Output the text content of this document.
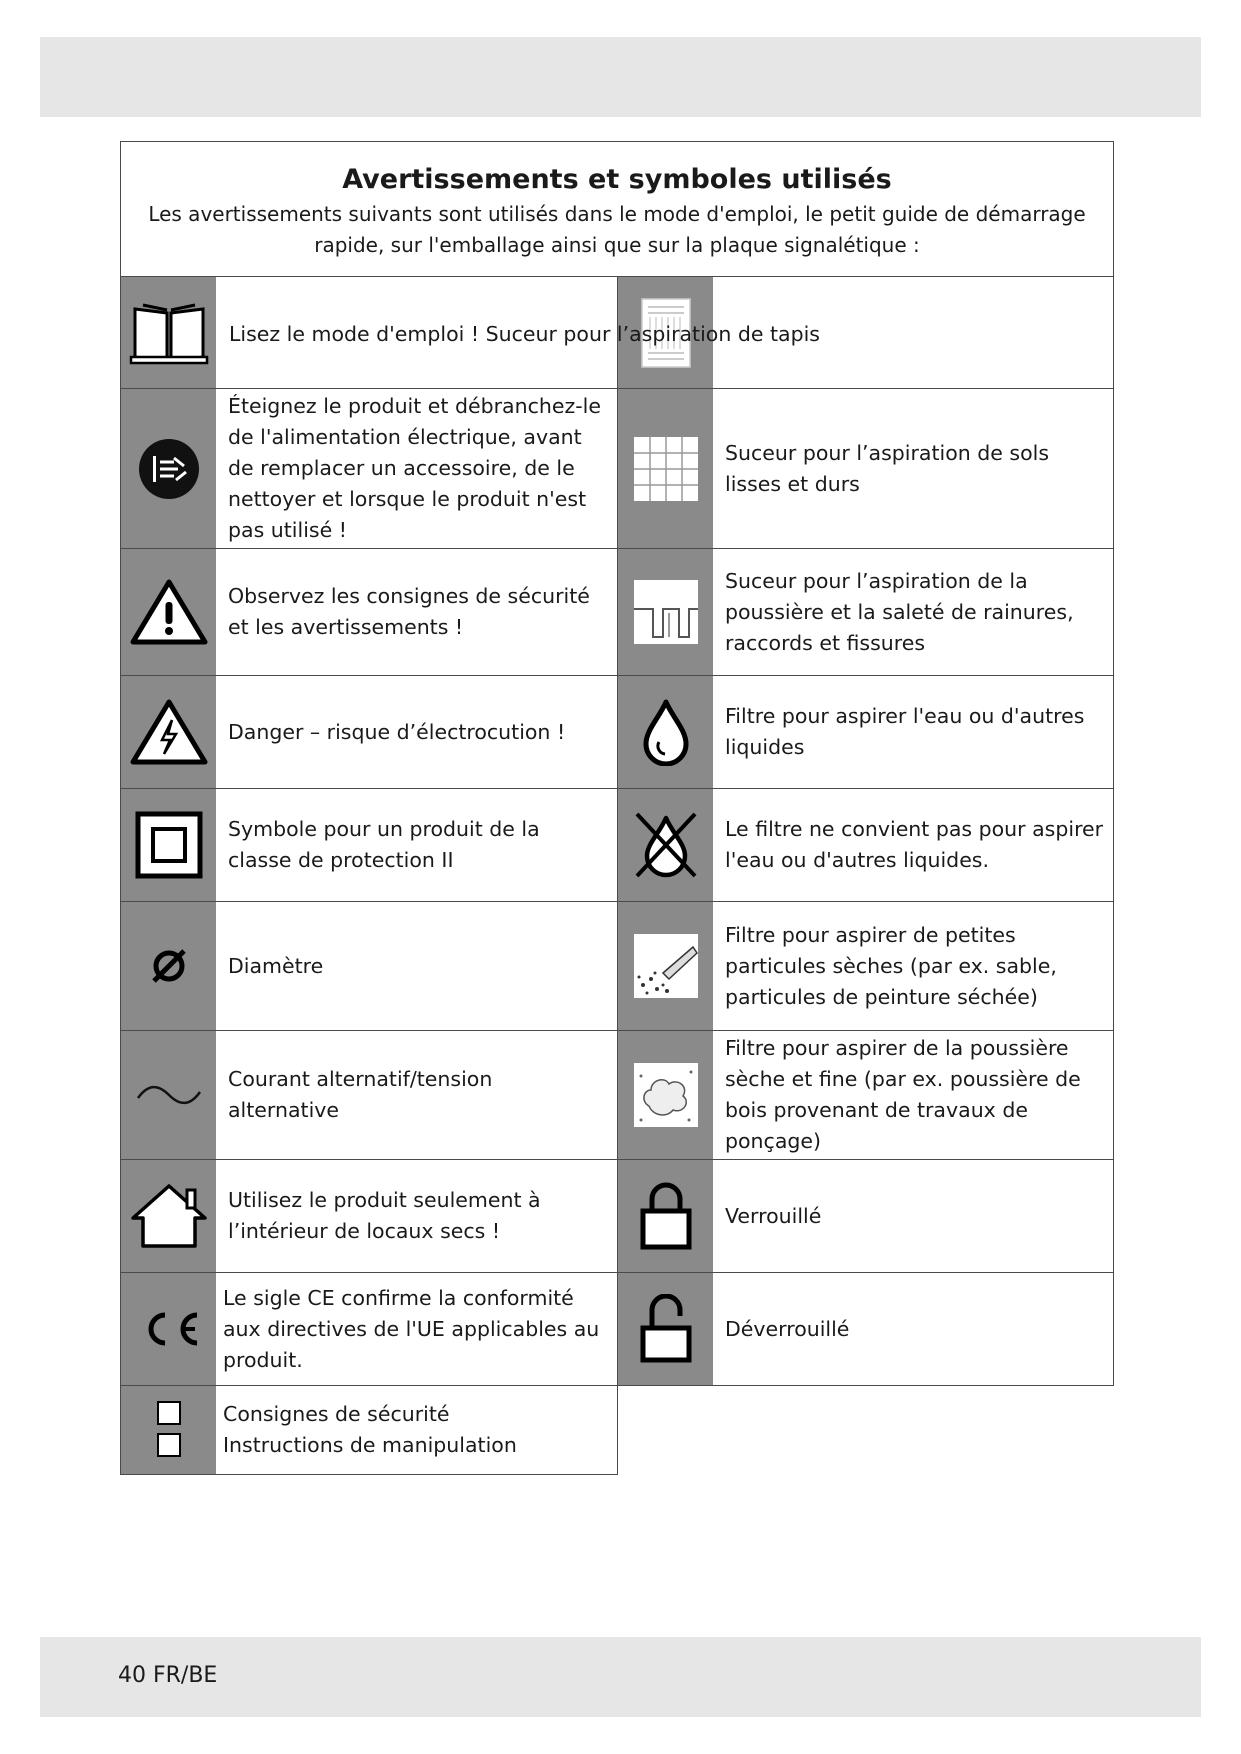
Avertissements et symboles utilisés
Les avertissements suivants sont utilisés dans le mode d'emploi, le petit guide de démarrage rapide, sur l'emballage ainsi que sur la plaque signalétique :
Lisez le mode d'emploi ! Suceur pour l’aspiration de tapis
Éteignez le produit et débranchez-le de l'alimentation électrique, avant de remplacer un accessoire, de le nettoyer et lorsque le produit n'est pas utilisé !
Observez les consignes de sécurité et les avertissements !
Danger – risque d’électrocution !
Symbole pour un produit de la classe de protection II
Diamètre
Courant alternatif/tension alternative
Utilisez le produit seulement à l’intérieur de locaux secs !
Le sigle CE confirme la conformité aux directives de l'UE applicables au produit.
Consignes de sécurité
Instructions de manipulation
Suceur pour l’aspiration de sols lisses et durs
Suceur pour l’aspiration de la poussière et la saleté de rainures, raccords et fissures
Filtre pour aspirer l'eau ou d'autres liquides
Le filtre ne convient pas pour aspirer l'eau ou d'autres liquides.
Filtre pour aspirer de petites particules sèches (par ex. sable, particules de peinture séchée)
Filtre pour aspirer de la poussière sèche et fine (par ex. poussière de bois provenant de travaux de ponçage)
Verrouillé
Déverrouillé
40 FR/BE
